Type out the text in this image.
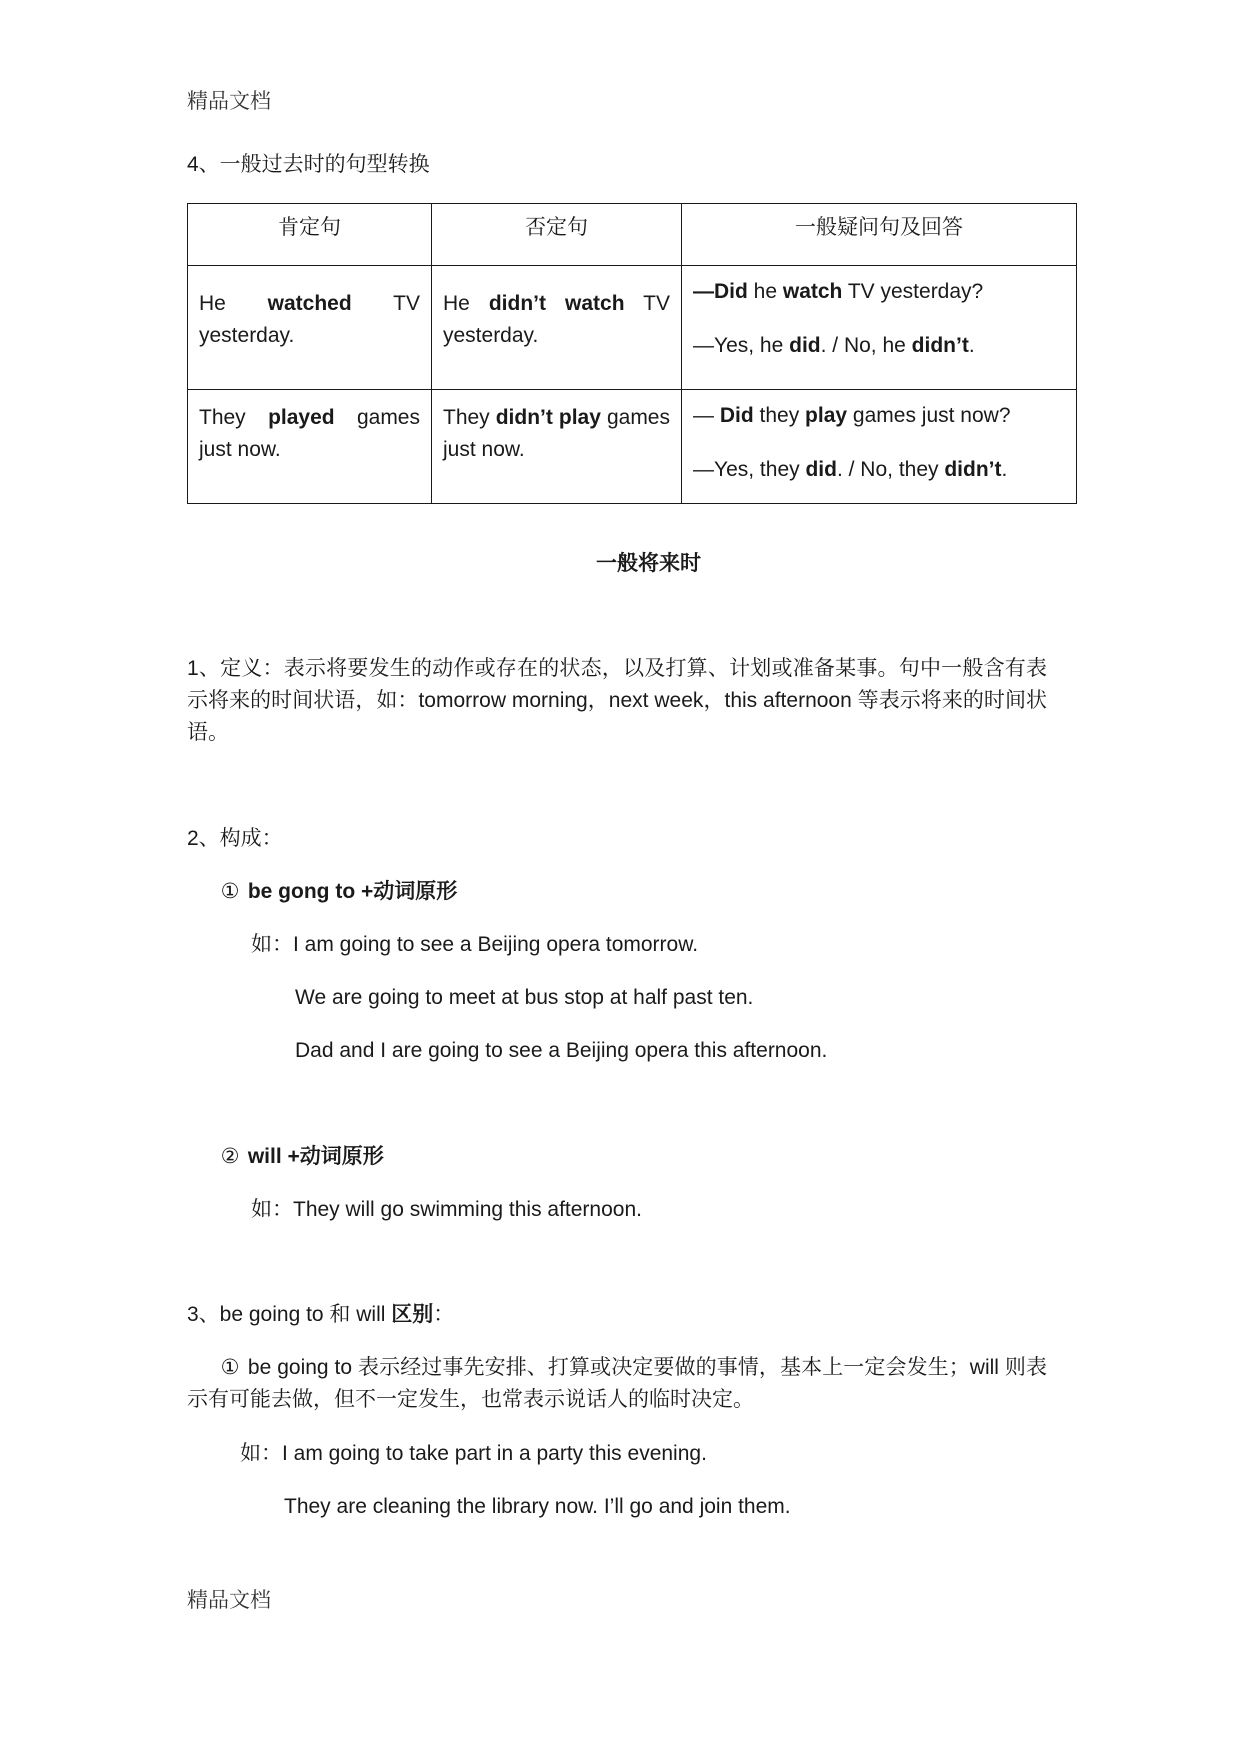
精品文档
4、一般过去时的句型转换
肯定句	否定句	一般疑问句及回答
He watched TV yesterday.	He didn’t watch TV yesterday.	—Did he watch TV yesterday?

—Yes, he did. / No, he didn’t.

They played games just now.	They didn’t play games just now.	— Did they play games just now?

—Yes, they did. / No, they didn’t.

一般将来时
1、定义：表示将要发生的动作或存在的状态，以及打算、计划或准备某事。句中一般含有表示将来的时间状语，如：tomorrow morning，next week，this afternoon 等表示将来的时间状语。
2、构成：
① be gong to +动词原形
如：I am going to see a Beijing opera tomorrow.
We are going to meet at bus stop at half past ten.
Dad and I are going to see a Beijing opera this afternoon.
② will +动词原形
如：They will go swimming this afternoon.
3、be going to 和 will 区别：
① be going to 表示经过事先安排、打算或决定要做的事情，基本上一定会发生；will 则表示有可能去做，但不一定发生，也常表示说话人的临时决定。
如：I am going to take part in a party this evening.
They are cleaning the library now. I’ll go and join them.
精品文档
